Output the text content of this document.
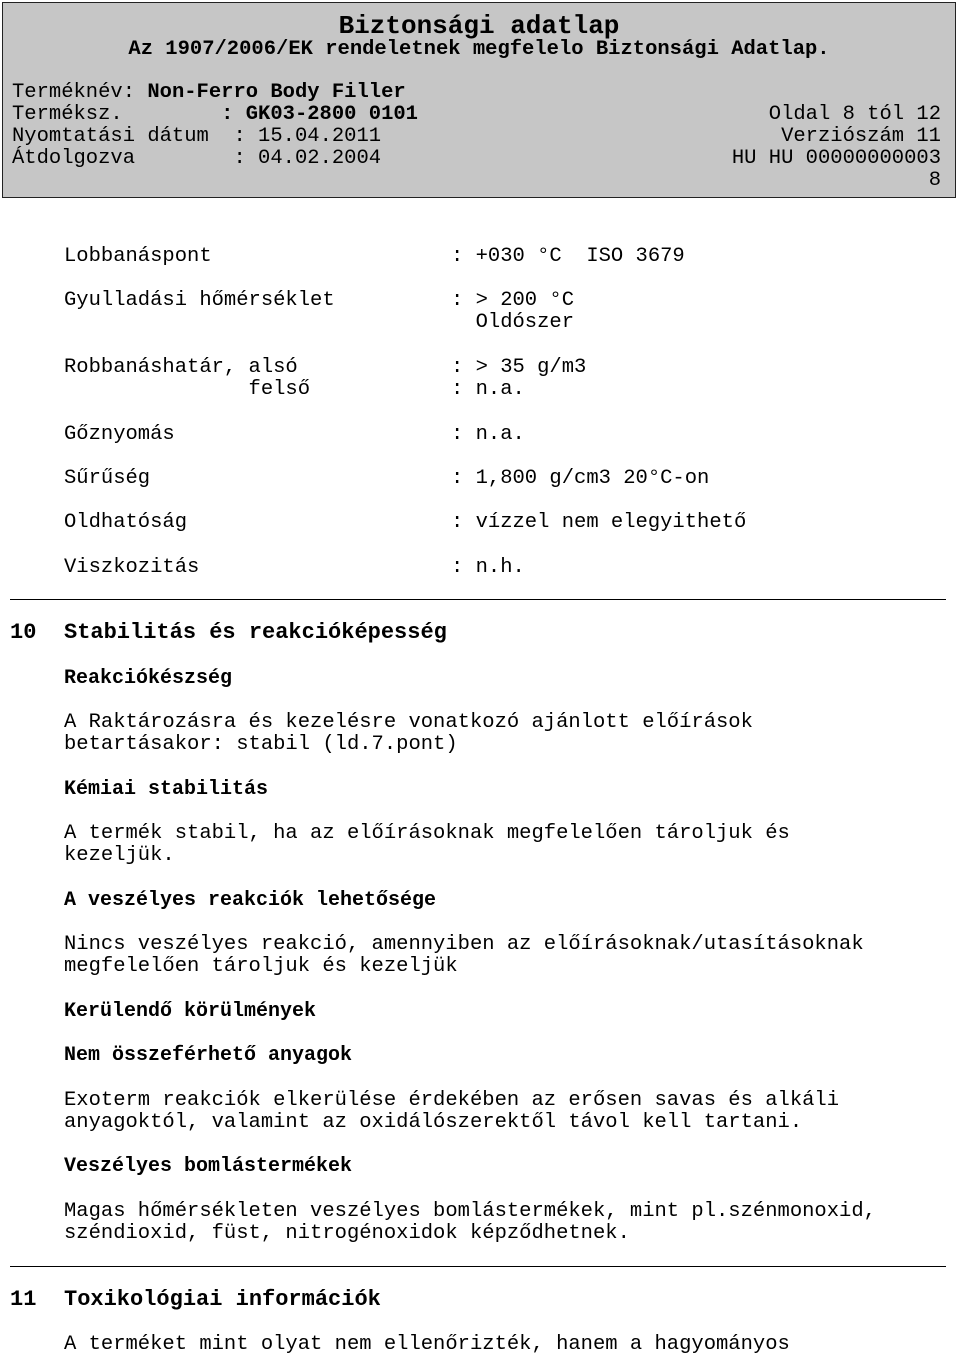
Biztonsági adatlap
Az 1907/2006/EK rendeletnek megfelelo Biztonsági Adatlap.
Terméknév: Non-Ferro Body Filler
Terméksz.	: GK03-2800 0101	Oldal 8 tól 12
Nyomtatási dátum : 15.04.2011	Verziószám 11
Átdolgozva	: 04.02.2004	HU HU 00000000003
8
Lobbanáspont	: +030 °C  ISO 3679
Gyulladási hőmérséklet	: > 200 °C
Oldószer
Robbanáshatár, alsó	: > 35 g/m3
felső	: n.a.
Gőznyomás	: n.a.
Sűrűség	: 1,800 g/cm3 20°C-on
Oldhatóság	: vízzel nem elegyithető
Viszkozitás	: n.h.
10 Stabilitás és reakcióképesség
Reakciókészség
A Raktározásra és kezelésre vonatkozó ajánlott előírások
betartásakor: stabil (ld.7.pont)
Kémiai stabilitás
A termék stabil, ha az előírásoknak megfelelően tároljuk és
kezeljük.
A veszélyes reakciók lehetősége
Nincs veszélyes reakció, amennyiben az előírásoknak/utasításoknak
megfelelően tároljuk és kezeljük
Kerülendő körülmények
Nem összeférhető anyagok
Exoterm reakciók elkerülése érdekében az erősen savas és alkáli
anyagoktól, valamint az oxidálószerektől távol kell tartani.
Veszélyes bomlástermékek
Magas hőmérsékleten veszélyes bomlástermékek, mint pl.szénmonoxid,
széndioxid, füst, nitrogénoxidok képződhetnek.
11 Toxikológiai információk
A terméket mint olyat nem ellenőrizték, hanem a hagyományos
